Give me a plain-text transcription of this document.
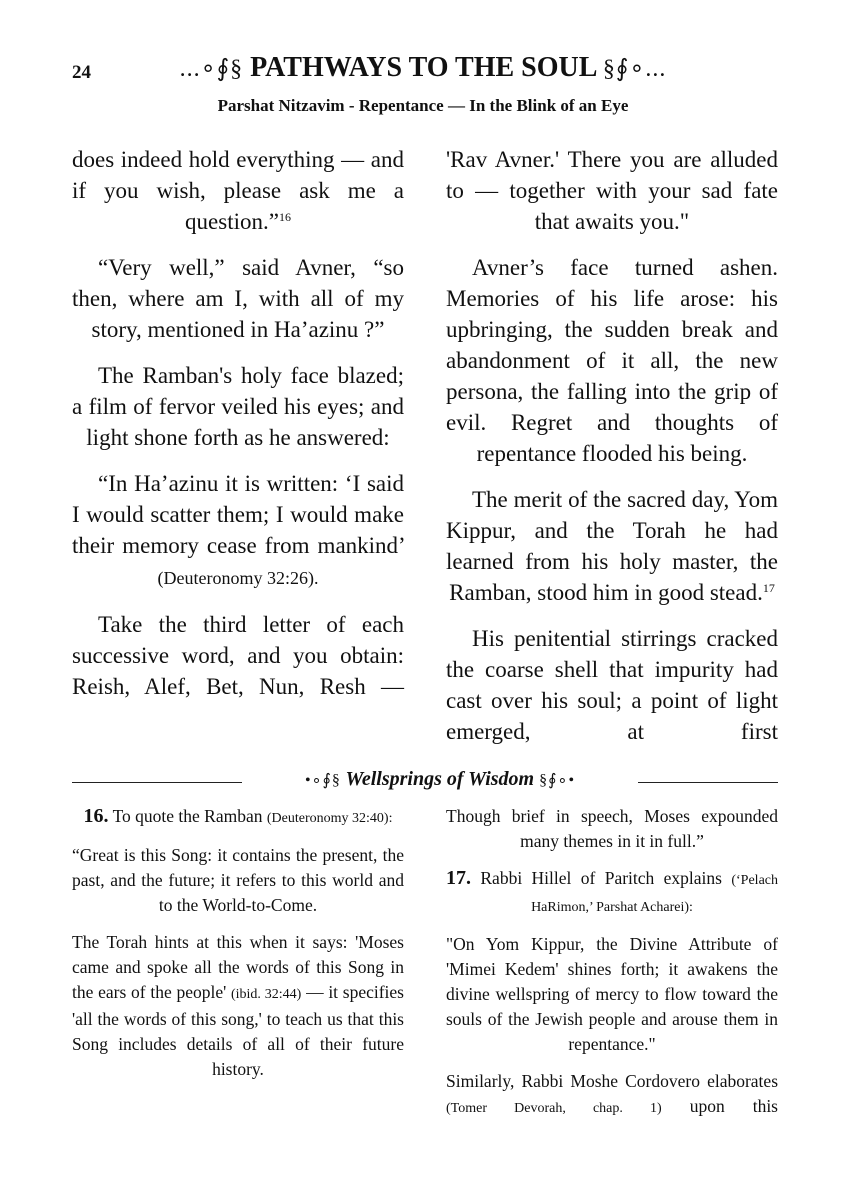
24	...∘∮§ PATHWAYS TO THE SOUL §∮∘...
Parshat Nitzavim - Repentance — In the Blink of an Eye

does indeed hold everything — and if you wish, please ask me a question.”$^{16}$

“Very well,” said Avner, “so then, where am I, with all of my story, mentioned in Ha’azinu ?”

The Ramban's holy face blazed; a film of fervor veiled his eyes; and light shone forth as he answered:

“In Ha’azinu it is written: ‘I said I would scatter them; I would make their memory cease from mankind’ (Deuteronomy 32:26).

Take the third letter of each successive word, and you obtain: Reish, Alef, Bet, Nun, Resh —

'Rav Avner.' There you are alluded to — together with your sad fate that awaits you."

Avner’s face turned ashen. Memories of his life arose: his upbringing, the sudden break and abandonment of it all, the new persona, the falling into the grip of evil. Regret and thoughts of repentance flooded his being.

The merit of the sacred day, Yom Kippur, and the Torah he had learned from his holy master, the Ramban, stood him in good stead.$^{17}$

His penitential stirrings cracked the coarse shell that impurity had cast over his soul; a point of light emerged, at first

•∘∮§ Wellsprings of Wisdom §∮∘•

16. To quote the Ramban (Deuteronomy 32:40):

“Great is this Song: it contains the present, the past, and the future; it refers to this world and to the World-to-Come.

The Torah hints at this when it says: 'Moses came and spoke all the words of this Song in the ears of the people' (ibid. 32:44) — it specifies 'all the words of this song,' to teach us that this Song includes details of all of their future history.

Though brief in speech, Moses expounded many themes in it in full.”

17. Rabbi Hillel of Paritch explains (‘Pelach HaRimon,’ Parshat Acharei):

"On Yom Kippur, the Divine Attribute of 'Mimei Kedem' shines forth; it awakens the divine wellspring of mercy to flow toward the souls of the Jewish people and arouse them in repentance."

Similarly, Rabbi Moshe Cordovero elaborates (Tomer Devorah, chap. 1) upon this
